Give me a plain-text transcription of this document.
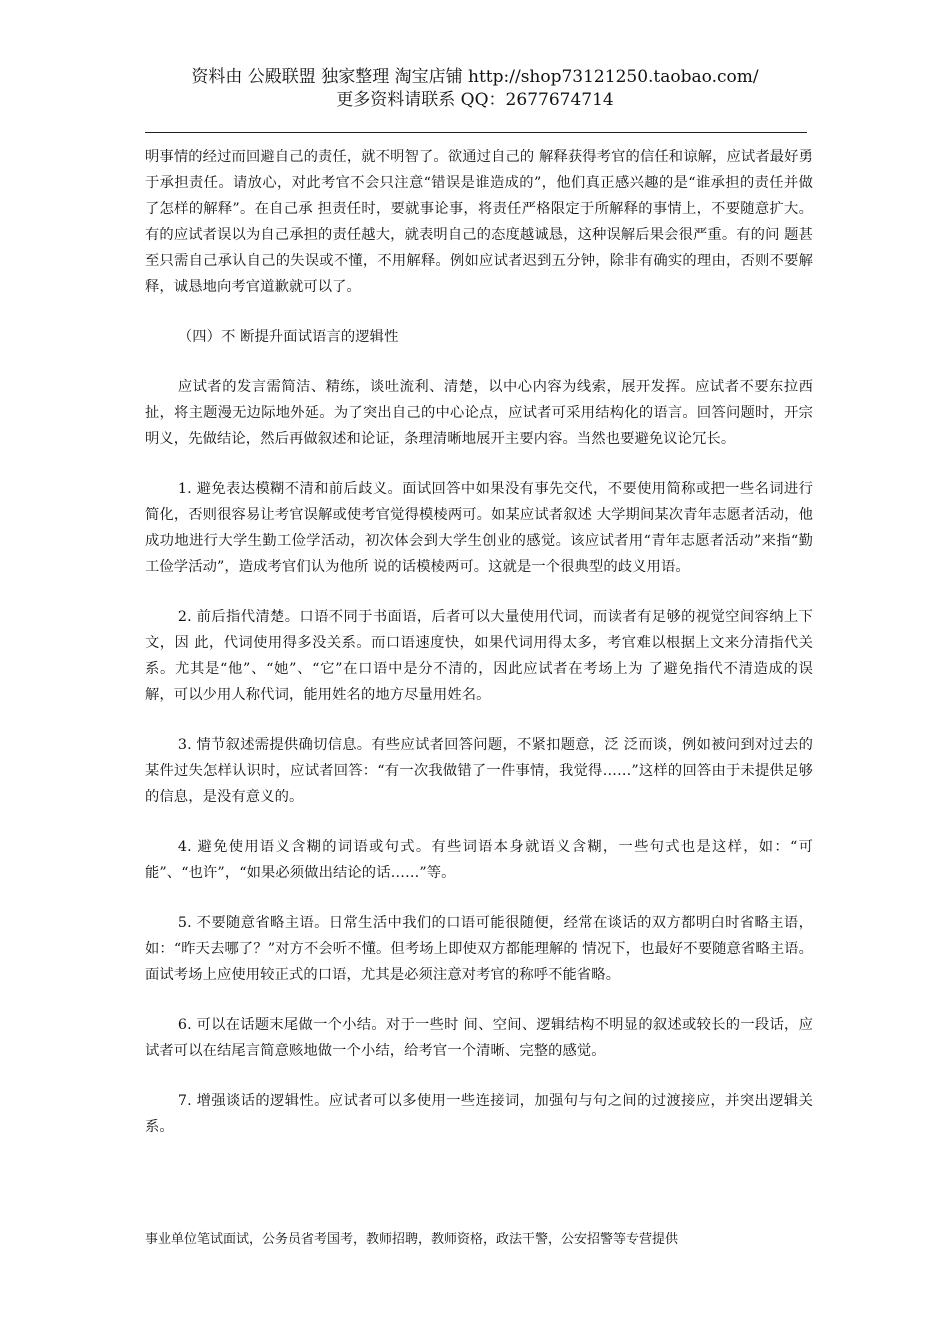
资料由 公殿联盟 独家整理 淘宝店铺 http://shop73121250.taobao.com/
更多资料请联系 QQ：2677674714

明事情的经过而回避自己的责任，就不明智了。欲通过自己的 解释获得考官的信任和谅解，应试者最好勇于承担责任。请放心，对此考官不会只注意“错误是谁造成的”，他们真正感兴趣的是“谁承担的责任并做了怎样的解释”。在自己承 担责任时，要就事论事，将责任严格限定于所解释的事情上，不要随意扩大。有的应试者误以为自己承担的责任越大，就表明自己的态度越诚恳，这种误解后果会很严重。有的问 题甚至只需自己承认自己的失误或不懂，不用解释。例如应试者迟到五分钟，除非有确实的理由，否则不要解释，诚恳地向考官道歉就可以了。

（四）不 断提升面试语言的逻辑性

应试者的发言需简洁、精练，谈吐流利、清楚，以中心内容为线索，展开发挥。应试者不要东拉西扯，将主题漫无边际地外延。为了突出自己的中心论点，应试者可采用结构化的语言。回答问题时，开宗明义，先做结论，然后再做叙述和论证，条理清晰地展开主要内容。当然也要避免议论冗长。

1. 避免表达模糊不清和前后歧义。面试回答中如果没有事先交代，不要使用简称或把一些名词进行简化，否则很容易让考官误解或使考官觉得模棱两可。如某应试者叙述 大学期间某次青年志愿者活动，他成功地进行大学生勤工俭学活动，初次体会到大学生创业的感觉。该应试者用“青年志愿者活动”来指“勤工俭学活动”，造成考官们认为他所 说的话模棱两可。这就是一个很典型的歧义用语。

2. 前后指代清楚。口语不同于书面语，后者可以大量使用代词，而读者有足够的视觉空间容纳上下文，因 此，代词使用得多没关系。而口语速度快，如果代词用得太多，考官难以根据上文来分清指代关系。尤其是“他”、“她”、“它”在口语中是分不清的，因此应试者在考场上为 了避免指代不清造成的误解，可以少用人称代词，能用姓名的地方尽量用姓名。

3. 情节叙述需提供确切信息。有些应试者回答问题，不紧扣题意，泛 泛而谈，例如被问到对过去的某件过失怎样认识时，应试者回答：“有一次我做错了一件事情，我觉得……”这样的回答由于未提供足够的信息，是没有意义的。

4. 避免使用语义含糊的词语或句式。有些词语本身就语义含糊，一些句式也是这样，如：“可能”、“也许”，“如果必须做出结论的话……”等。

5. 不要随意省略主语。日常生活中我们的口语可能很随便，经常在谈话的双方都明白时省略主语，如：“昨天去哪了？”对方不会听不懂。但考场上即使双方都能理解的 情况下，也最好不要随意省略主语。面试考场上应使用较正式的口语，尤其是必须注意对考官的称呼不能省略。

6. 可以在话题末尾做一个小结。对于一些时 间、空间、逻辑结构不明显的叙述或较长的一段话，应试者可以在结尾言简意赅地做一个小结，给考官一个清晰、完整的感觉。

7. 增强谈话的逻辑性。应试者可以多使用一些连接词，加强句与句之间的过渡接应，并突出逻辑关系。

事业单位笔试面试，公务员省考国考，教师招聘，教师资格，政法干警，公安招警等专营提供
